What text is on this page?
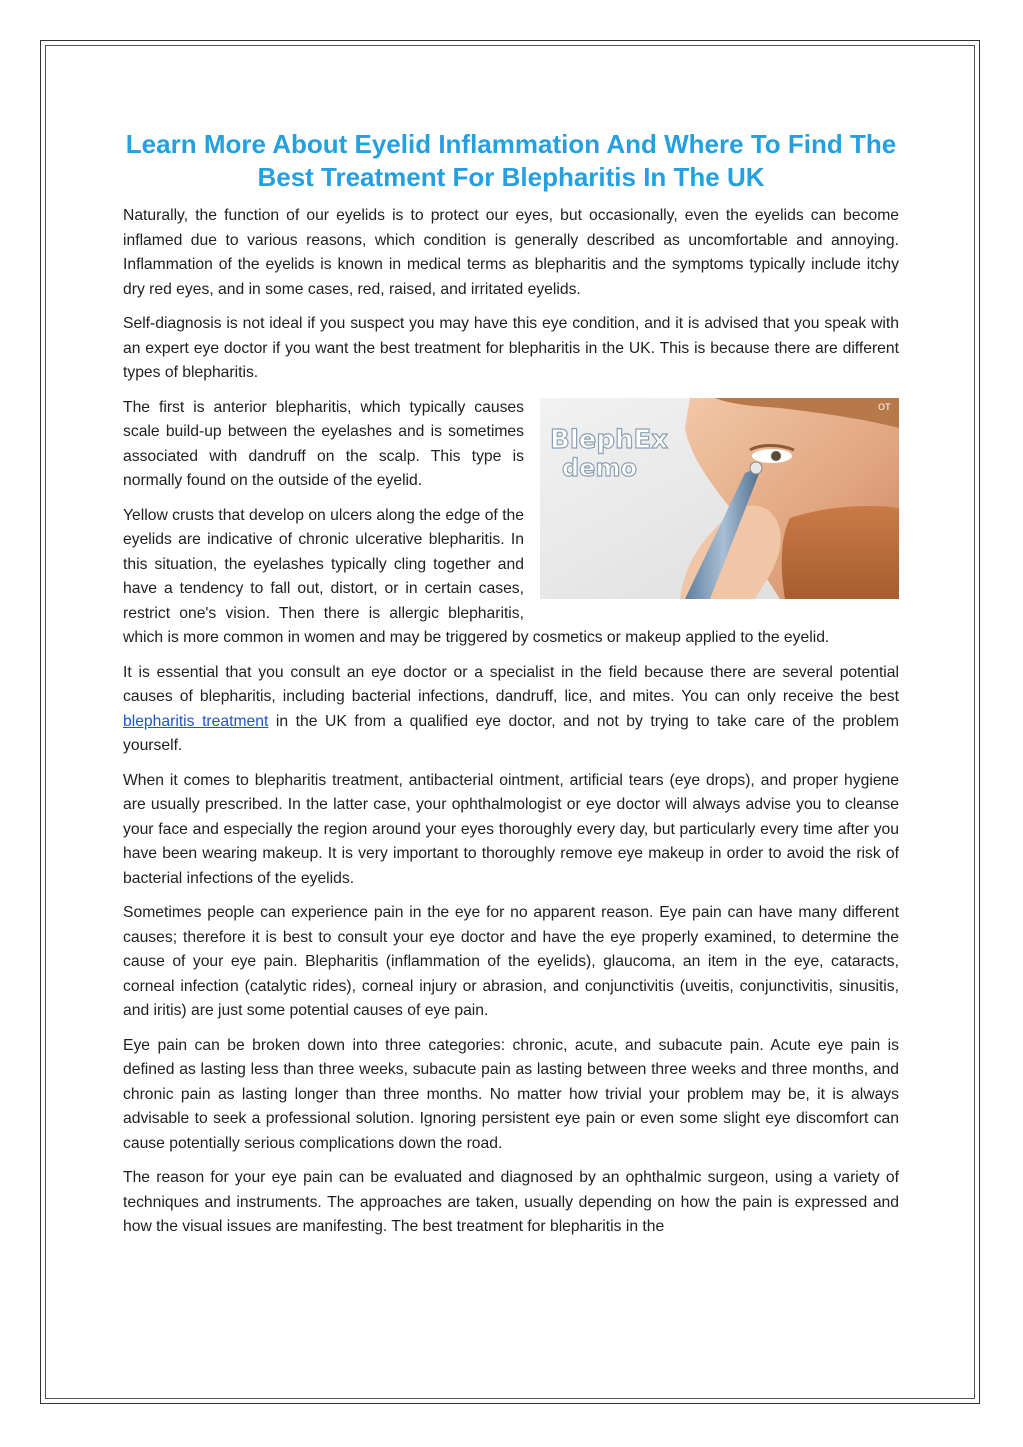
Learn More About Eyelid Inflammation And Where To Find The Best Treatment For Blepharitis In The UK

Naturally, the function of our eyelids is to protect our eyes, but occasionally, even the eyelids can become inflamed due to various reasons, which condition is generally described as uncomfortable and annoying. Inflammation of the eyelids is known in medical terms as blepharitis and the symptoms typically include itchy dry red eyes, and in some cases, red, raised, and irritated eyelids.

Self-diagnosis is not ideal if you suspect you may have this eye condition, and it is advised that you speak with an expert eye doctor if you want the best treatment for blepharitis in the UK. This is because there are different types of blepharitis.

BlephEx
demo
OT

The first is anterior blepharitis, which typically causes scale build-up between the eyelashes and is sometimes associated with dandruff on the scalp. This type is normally found on the outside of the eyelid.

Yellow crusts that develop on ulcers along the edge of the eyelids are indicative of chronic ulcerative blepharitis. In this situation, the eyelashes typically cling together and have a tendency to fall out, distort, or in certain cases, restrict one's vision. Then there is allergic blepharitis, which is more common in women and may be triggered by cosmetics or makeup applied to the eyelid.

It is essential that you consult an eye doctor or a specialist in the field because there are several potential causes of blepharitis, including bacterial infections, dandruff, lice, and mites. You can only receive the best blepharitis treatment in the UK from a qualified eye doctor, and not by trying to take care of the problem yourself.

When it comes to blepharitis treatment, antibacterial ointment, artificial tears (eye drops), and proper hygiene are usually prescribed. In the latter case, your ophthalmologist or eye doctor will always advise you to cleanse your face and especially the region around your eyes thoroughly every day, but particularly every time after you have been wearing makeup. It is very important to thoroughly remove eye makeup in order to avoid the risk of bacterial infections of the eyelids.

Sometimes people can experience pain in the eye for no apparent reason. Eye pain can have many different causes; therefore it is best to consult your eye doctor and have the eye properly examined, to determine the cause of your eye pain. Blepharitis (inflammation of the eyelids), glaucoma, an item in the eye, cataracts, corneal infection (catalytic rides), corneal injury or abrasion, and conjunctivitis (uveitis, conjunctivitis, sinusitis, and iritis) are just some potential causes of eye pain.

Eye pain can be broken down into three categories: chronic, acute, and subacute pain. Acute eye pain is defined as lasting less than three weeks, subacute pain as lasting between three weeks and three months, and chronic pain as lasting longer than three months. No matter how trivial your problem may be, it is always advisable to seek a professional solution. Ignoring persistent eye pain or even some slight eye discomfort can cause potentially serious complications down the road.

The reason for your eye pain can be evaluated and diagnosed by an ophthalmic surgeon, using a variety of techniques and instruments. The approaches are taken, usually depending on how the pain is expressed and how the visual issues are manifesting. The best treatment for blepharitis in the
